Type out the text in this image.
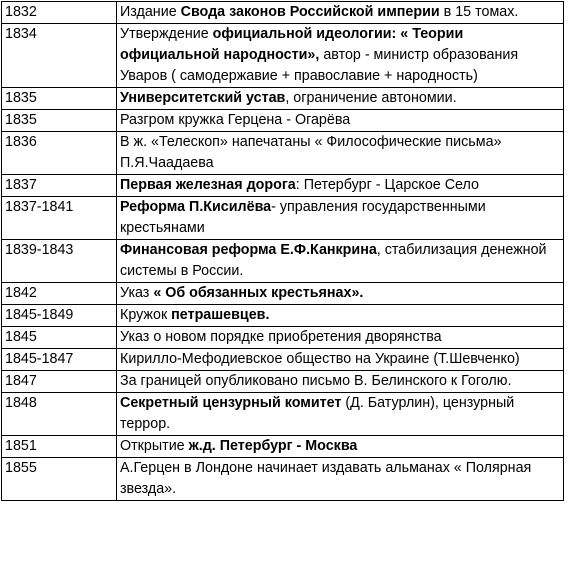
1832	Издание Свода законов Российской империи в 15 томах.
1834	Утверждение официальной идеологии: « Теории официальной народности», автор - министр образования Уваров ( самодержавие + православие + народность)
1835	Университетский устав, ограничение автономии.
1835	Разгром кружка Герцена - Огарёва
1836	В ж. «Телескоп» напечатаны « Философические письма» П.Я.Чаадаева
1837	Первая железная дорога: Петербург - Царское Село
1837-1841	Реформа П.Кисилёва- управления государственными крестьянами
1839-1843	Финансовая реформа Е.Ф.Канкрина, стабилизация денежной системы в России.
1842	Указ « Об обязанных крестьянах».
1845-1849	Кружок петрашевцев.
1845	Указ о новом порядке приобретения дворянства
1845-1847	Кирилло-Мефодиевское общество на Украине (Т.Шевченко)
1847	За границей опубликовано письмо В. Белинского к Гоголю.
1848	Секретный цензурный комитет (Д. Батурлин), цензурный террор.
1851	Открытие ж.д. Петербург - Москва
1855	А.Герцен в Лондоне начинает издавать альманах « Полярная звезда».
